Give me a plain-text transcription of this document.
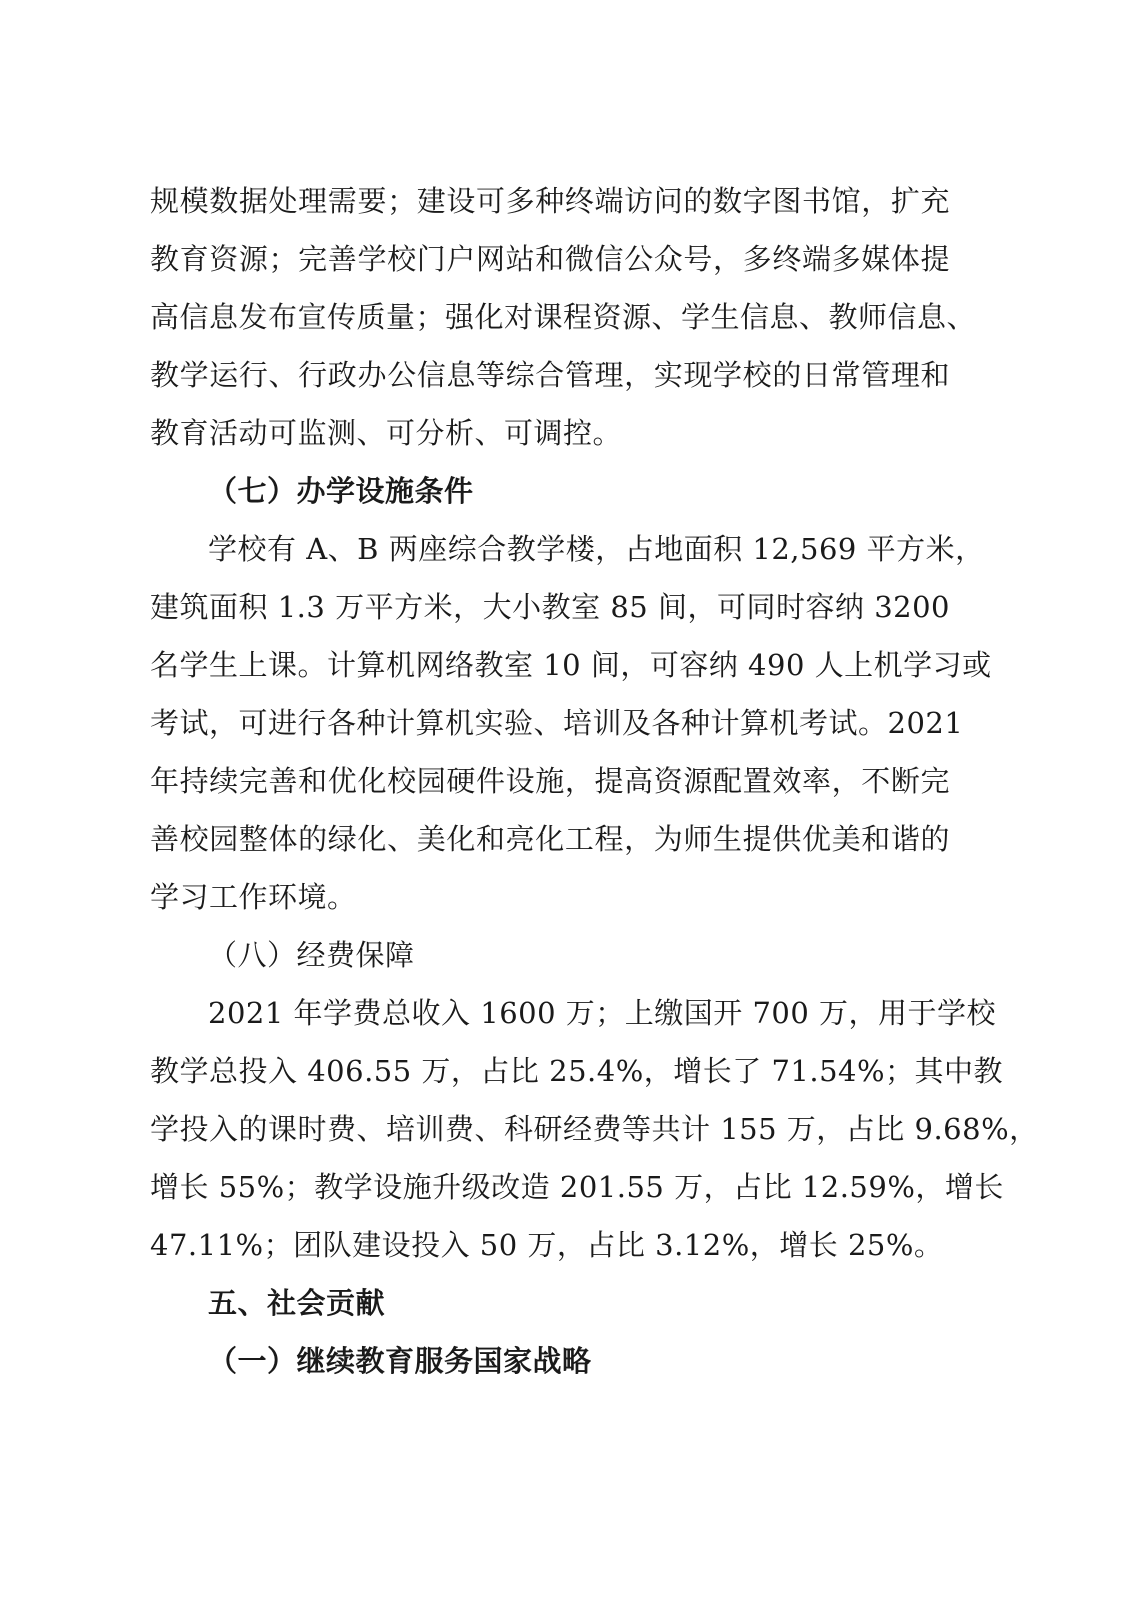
规模数据处理需要；建设可多种终端访问的数字图书馆，扩充
教育资源；完善学校门户网站和微信公众号，多终端多媒体提
高信息发布宣传质量；强化对课程资源、学生信息、教师信息、
教学运行、行政办公信息等综合管理，实现学校的日常管理和
教育活动可监测、可分析、可调控。
（七）办学设施条件
学校有 A、B 两座综合教学楼，占地面积 12,569 平方米，
建筑面积 1.3 万平方米，大小教室 85 间，可同时容纳 3200
名学生上课。计算机网络教室 10 间，可容纳 490 人上机学习或
考试，可进行各种计算机实验、培训及各种计算机考试。2021
年持续完善和优化校园硬件设施，提高资源配置效率，不断完
善校园整体的绿化、美化和亮化工程，为师生提供优美和谐的
学习工作环境。
（八）经费保障
2021 年学费总收入 1600 万；上缴国开 700 万，用于学校
教学总投入 406.55 万，占比 25.4%，增长了 71.54%；其中教
学投入的课时费、培训费、科研经费等共计 155 万，占比 9.68%，
增长 55%；教学设施升级改造 201.55 万，占比 12.59%，增长
47.11%；团队建设投入 50 万，占比 3.12%，增长 25%。
五、社会贡献
（一）继续教育服务国家战略
